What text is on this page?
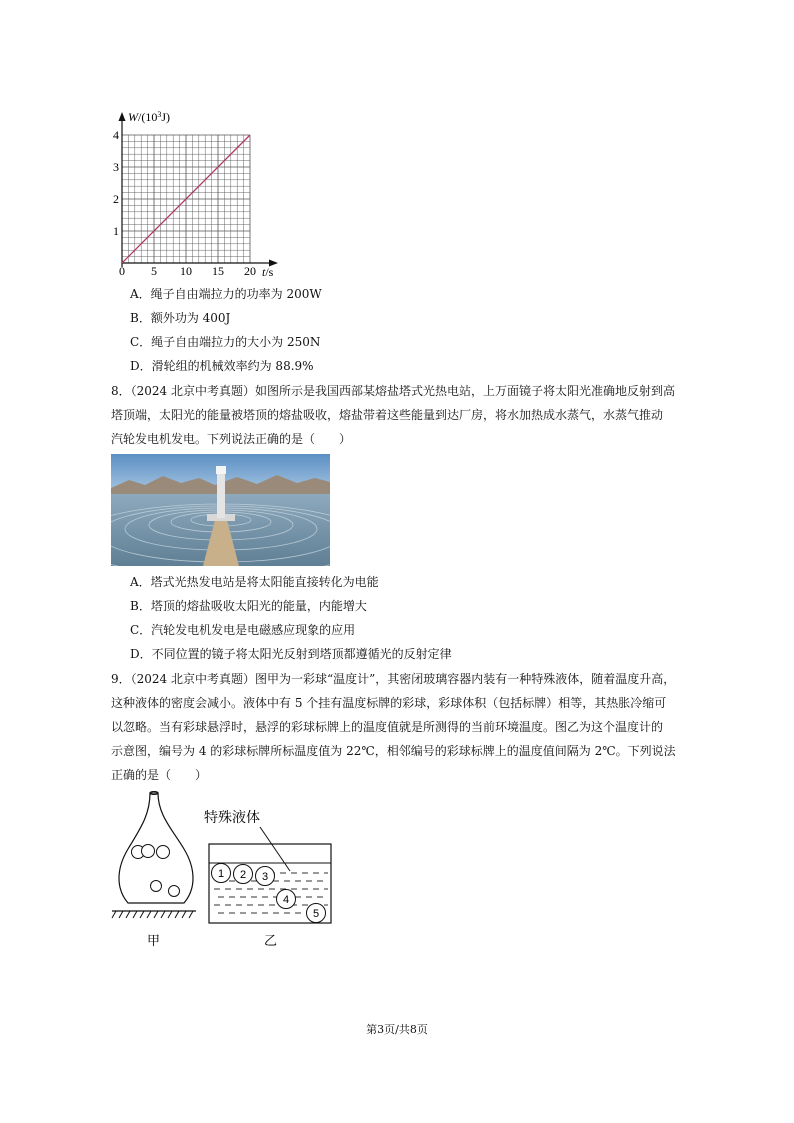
0 5 10 15 20
1
2
3
4
$W/(10^3J)$
t/s
A．绳子自由端拉力的功率为 200W
B．额外功为 400J
C．绳子自由端拉力的大小为 250N
D．滑轮组的机械效率约为 88.9%
8．（2024 北京中考真题）如图所示是我国西部某熔盐塔式光热电站，上万面镜子将太阳光准确地反射到高
塔顶端，太阳光的能量被塔顶的熔盐吸收，熔盐带着这些能量到达厂房，将水加热成水蒸气，水蒸气推动
汽轮发电机发电。下列说法正确的是（　　）
A．塔式光热发电站是将太阳能直接转化为电能
B．塔顶的熔盐吸收太阳光的能量，内能增大
C．汽轮发电机发电是电磁感应现象的应用
D．不同位置的镜子将太阳光反射到塔顶都遵循光的反射定律
9．（2024 北京中考真题）图甲为一彩球“温度计”，其密闭玻璃容器内装有一种特殊液体，随着温度升高，
这种液体的密度会减小。液体中有 5 个挂有温度标牌的彩球，彩球体积（包括标牌）相等，其热胀冷缩可
以忽略。当有彩球悬浮时，悬浮的彩球标牌上的温度值就是所测得的当前环境温度。图乙为这个温度计的
示意图，编号为 4 的彩球标牌所标温度值为 22℃，相邻编号的彩球标牌上的温度值间隔为 2℃。下列说法
正确的是（　　）
甲
特殊液体
1 2 3
4
5
乙
第3页/共8页
